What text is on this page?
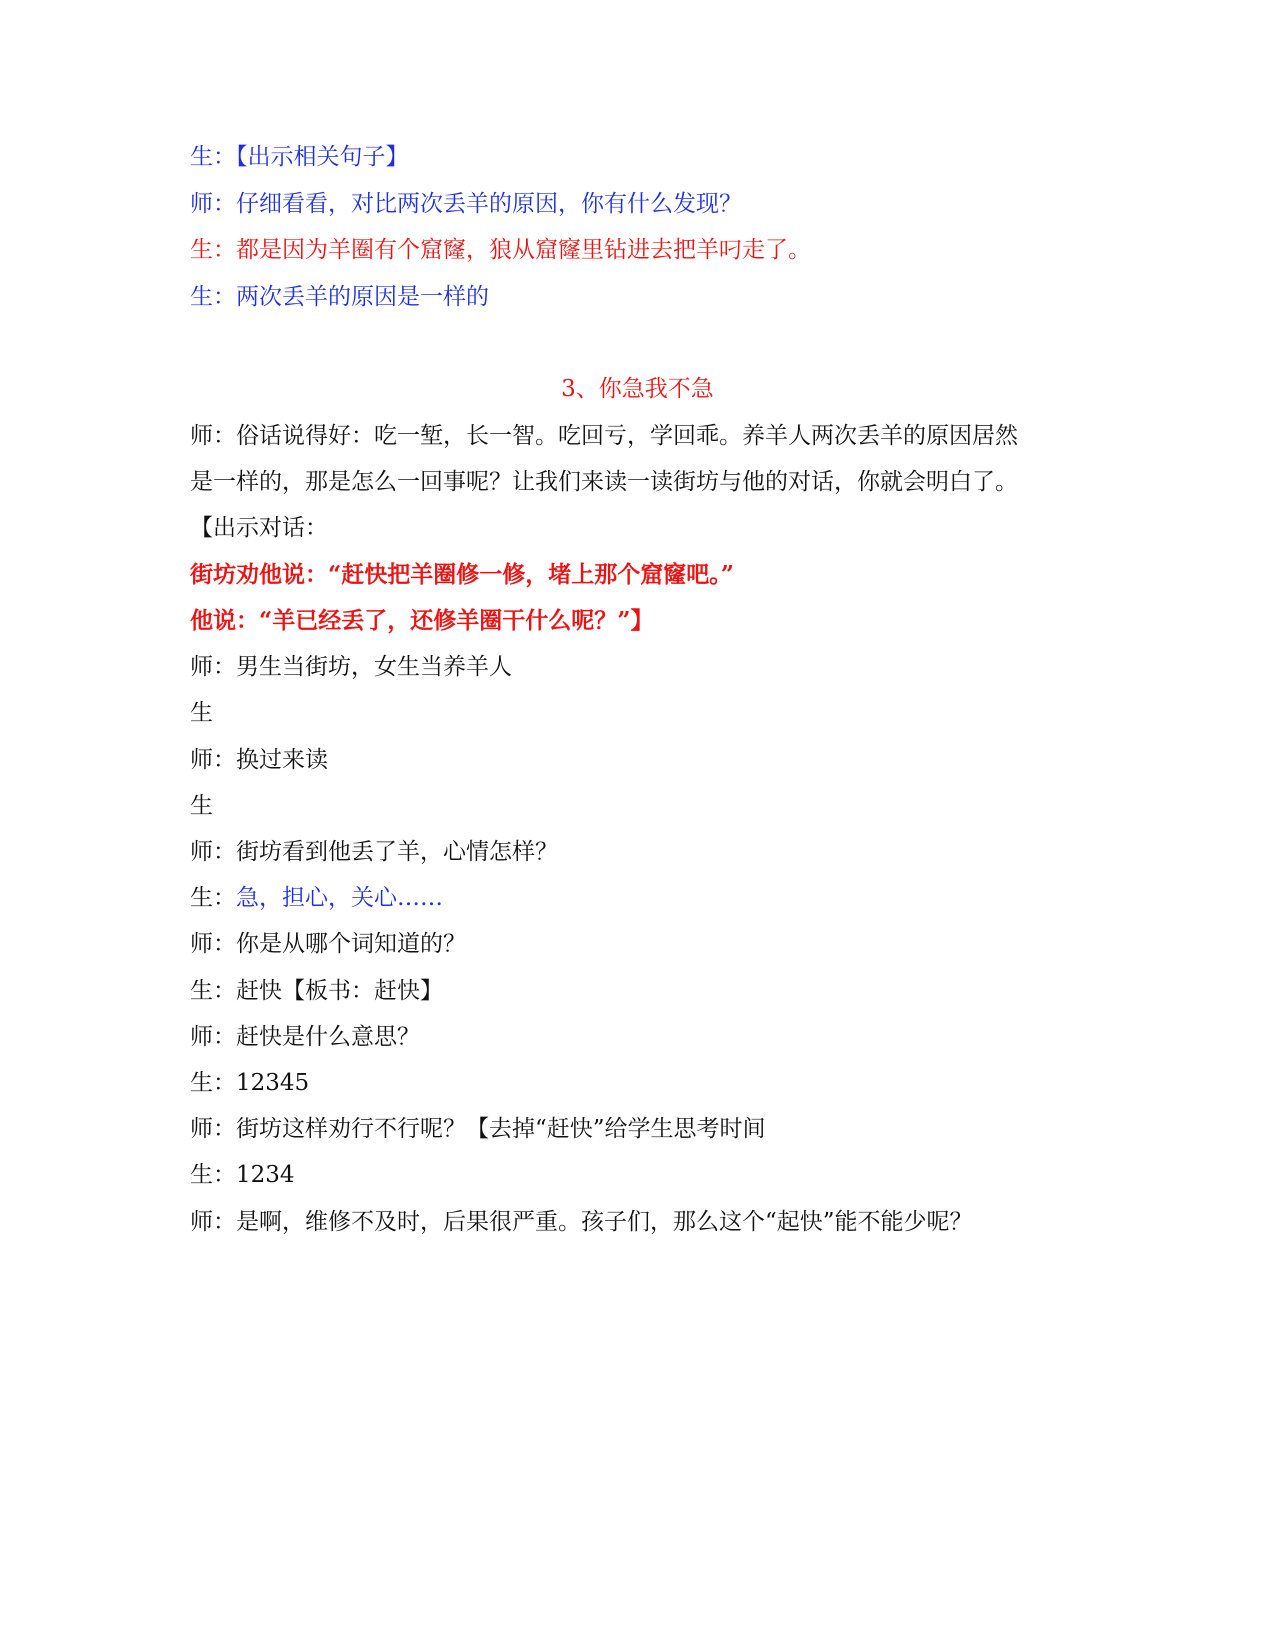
生：【出示相关句子】
师：仔细看看，对比两次丢羊的原因，你有什么发现？
生：都是因为羊圈有个窟窿，狼从窟窿里钻进去把羊叼走了。
生：两次丢羊的原因是一样的
3、你急我不急
师：俗话说得好：吃一堑，长一智。吃回亏，学回乖。养羊人两次丢羊的原因居然
是一样的，那是怎么一回事呢？让我们来读一读街坊与他的对话，你就会明白了。
【出示对话：
街坊劝他说：“赶快把羊圈修一修，堵上那个窟窿吧。”
他说：“羊已经丢了，还修羊圈干什么呢？”】
师：男生当街坊，女生当养羊人
生
师：换过来读
生
师：街坊看到他丢了羊，心情怎样？
生：急，担心，关心……
师：你是从哪个词知道的？
生：赶快【板书：赶快】
师：赶快是什么意思？
生：12345
师：街坊这样劝行不行呢？【去掉“赶快”给学生思考时间
生：1234
师：是啊，维修不及时，后果很严重。孩子们，那么这个“起快”能不能少呢？
